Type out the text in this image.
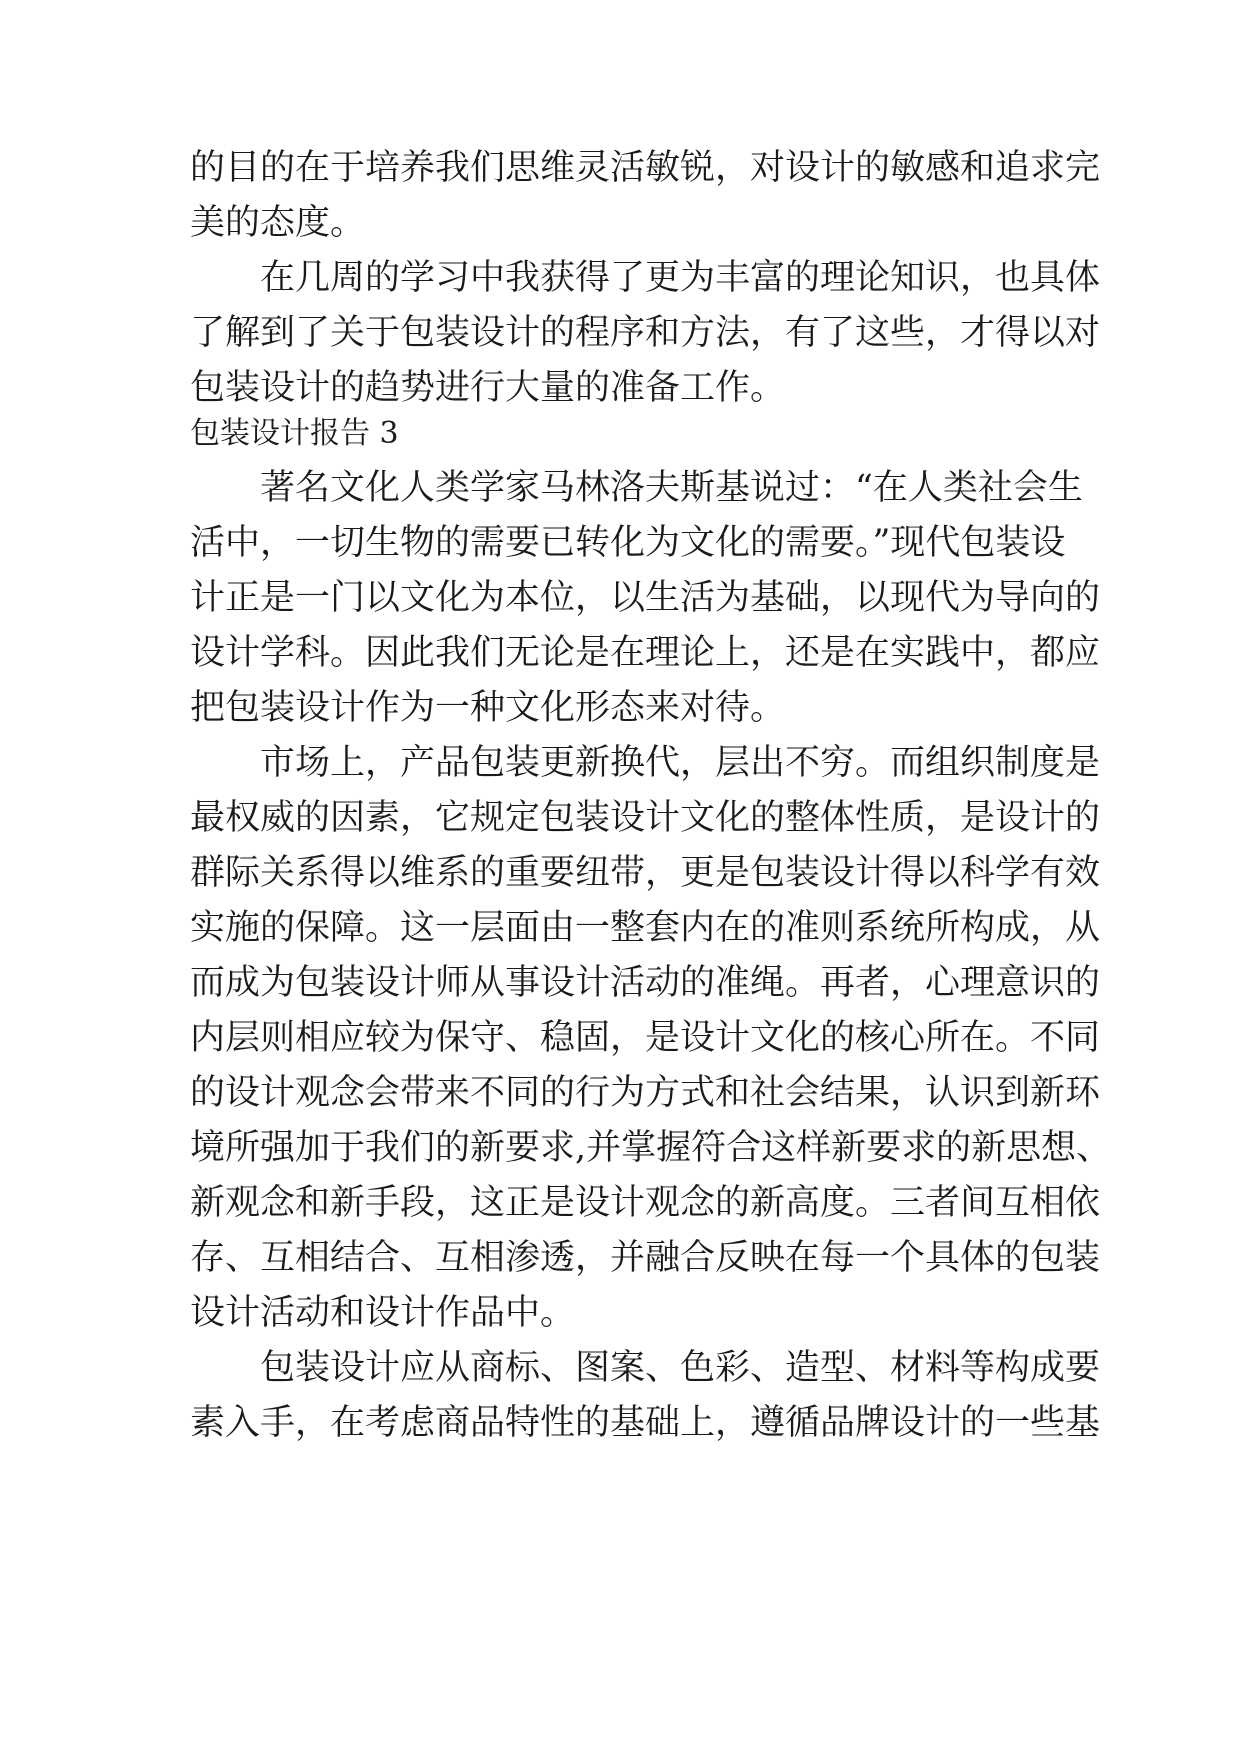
的目的在于培养我们思维灵活敏锐，对设计的敏感和追求完
美的态度。
　　在几周的学习中我获得了更为丰富的理论知识，也具体
了解到了关于包装设计的程序和方法，有了这些，才得以对
包装设计的趋势进行大量的准备工作。
包装设计报告 3
　　著名文化人类学家马林洛夫斯基说过：“在人类社会生
活中，一切生物的需要已转化为文化的需要。”现代包装设
计正是一门以文化为本位，以生活为基础，以现代为导向的
设计学科。因此我们无论是在理论上，还是在实践中，都应
把包装设计作为一种文化形态来对待。
　　市场上，产品包装更新换代，层出不穷。而组织制度是
最权威的因素，它规定包装设计文化的整体性质，是设计的
群际关系得以维系的重要纽带，更是包装设计得以科学有效
实施的保障。这一层面由一整套内在的准则系统所构成，从
而成为包装设计师从事设计活动的准绳。再者，心理意识的
内层则相应较为保守、稳固，是设计文化的核心所在。不同
的设计观念会带来不同的行为方式和社会结果，认识到新环
境所强加于我们的新要求,并掌握符合这样新要求的新思想、
新观念和新手段，这正是设计观念的新高度。三者间互相依
存、互相结合、互相渗透，并融合反映在每一个具体的包装
设计活动和设计作品中。
　　包装设计应从商标、图案、色彩、造型、材料等构成要
素入手，在考虑商品特性的基础上，遵循品牌设计的一些基
